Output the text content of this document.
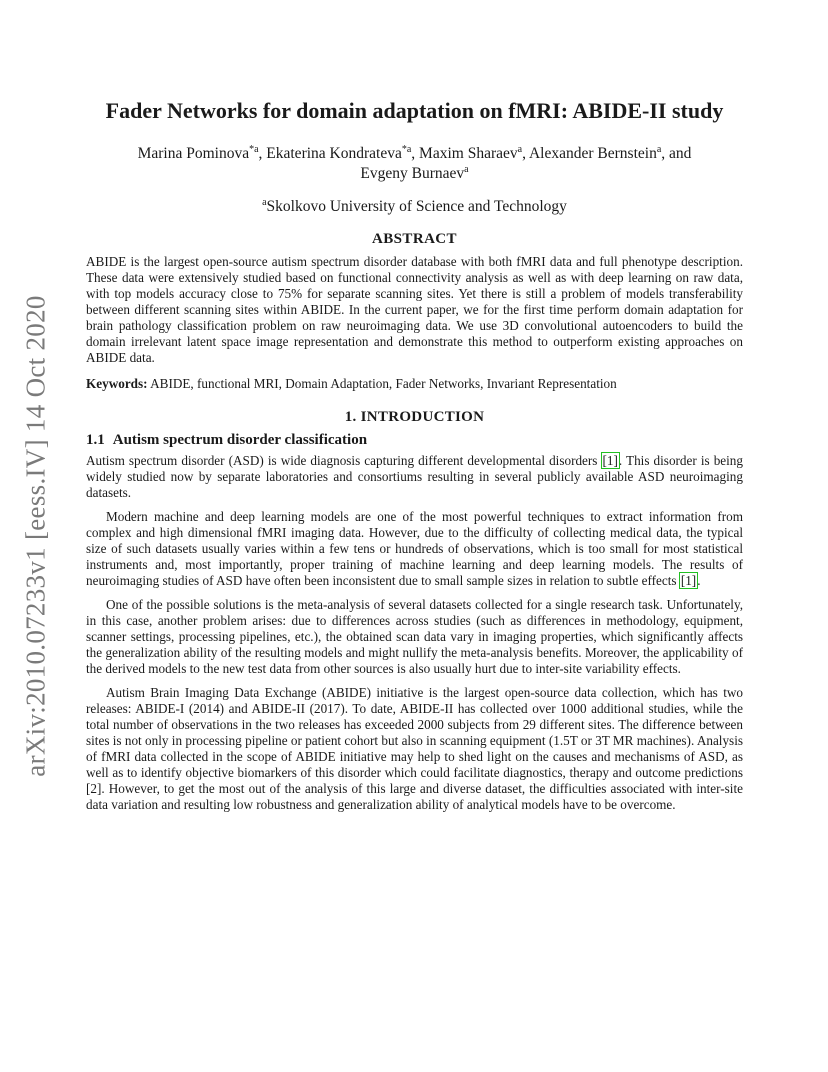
arXiv:2010.07233v1 [eess.IV] 14 Oct 2020
Fader Networks for domain adaptation on fMRI: ABIDE-II study
Marina Pominova$^{*a}$, Ekaterina Kondrateva$^{*a}$, Maxim Sharaev$^a$, Alexander Bernstein$^a$, and
Evgeny Burnaev$^a$
$^a$Skolkovo University of Science and Technology
ABSTRACT

ABIDE is the largest open-source autism spectrum disorder database with both fMRI data and full phenotype description. These data were extensively studied based on functional connectivity analysis as well as with deep learning on raw data, with top models accuracy close to 75% for separate scanning sites. Yet there is still a problem of models transferability between different scanning sites within ABIDE. In the current paper, we for the first time perform domain adaptation for brain pathology classification problem on raw neuroimaging data. We use 3D convolutional autoencoders to build the domain irrelevant latent space image representation and demonstrate this method to outperform existing approaches on ABIDE data.

Keywords: ABIDE, functional MRI, Domain Adaptation, Fader Networks, Invariant Representation
1. INTRODUCTION
1.1 Autism spectrum disorder classification

Autism spectrum disorder (ASD) is wide diagnosis capturing different developmental disorders [1]. This disorder is being widely studied now by separate laboratories and consortiums resulting in several publicly available ASD neuroimaging datasets.

Modern machine and deep learning models are one of the most powerful techniques to extract information from complex and high dimensional fMRI imaging data. However, due to the difficulty of collecting medical data, the typical size of such datasets usually varies within a few tens or hundreds of observations, which is too small for most statistical instruments and, most importantly, proper training of machine learning and deep learning models. The results of neuroimaging studies of ASD have often been inconsistent due to small sample sizes in relation to subtle effects [1].

One of the possible solutions is the meta-analysis of several datasets collected for a single research task. Unfortunately, in this case, another problem arises: due to differences across studies (such as differences in methodology, equipment, scanner settings, processing pipelines, etc.), the obtained scan data vary in imaging properties, which significantly affects the generalization ability of the resulting models and might nullify the meta-analysis benefits. Moreover, the applicability of the derived models to the new test data from other sources is also usually hurt due to inter-site variability effects.

Autism Brain Imaging Data Exchange (ABIDE) initiative is the largest open-source data collection, which has two releases: ABIDE-I (2014) and ABIDE-II (2017). To date, ABIDE-II has collected over 1000 additional studies, while the total number of observations in the two releases has exceeded 2000 subjects from 29 different sites. The difference between sites is not only in processing pipeline or patient cohort but also in scanning equipment (1.5T or 3T MR machines). Analysis of fMRI data collected in the scope of ABIDE initiative may help to shed light on the causes and mechanisms of ASD, as well as to identify objective biomarkers of this disorder which could facilitate diagnostics, therapy and outcome predictions [2]. However, to get the most out of the analysis of this large and diverse dataset, the difficulties associated with inter-site data variation and resulting low robustness and generalization ability of analytical models have to be overcome.
